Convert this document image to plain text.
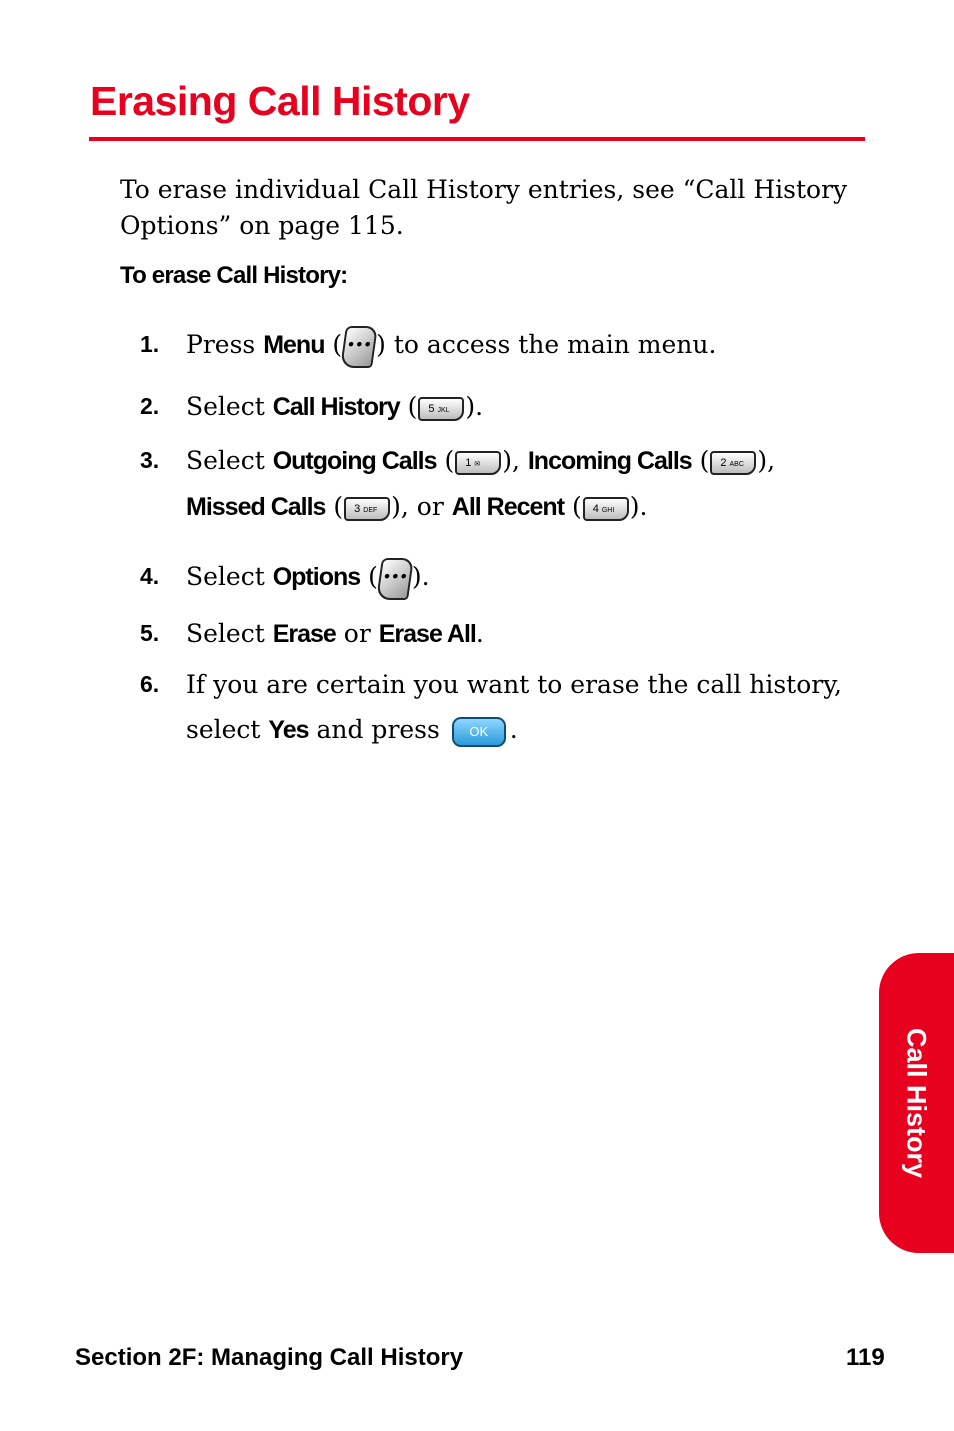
Erasing Call History

To erase individual Call History entries, see “Call History Options” on page 115.

To erase Call History:

1. Press Menu ( ••• ) to access the main menu.
2. Select Call History ( 5 JKL ).
3. Select Outgoing Calls ( 1 ✉ ), Incoming Calls ( 2 ABC ),
Missed Calls ( 3 DEF ), or All Recent ( 4 GHI ).
4. Select Options ( ••• ).
5. Select Erase or Erase All.
6. If you are certain you want to erase the call history, select Yes and press OK .
Call History
Section 2F: Managing Call History	119
